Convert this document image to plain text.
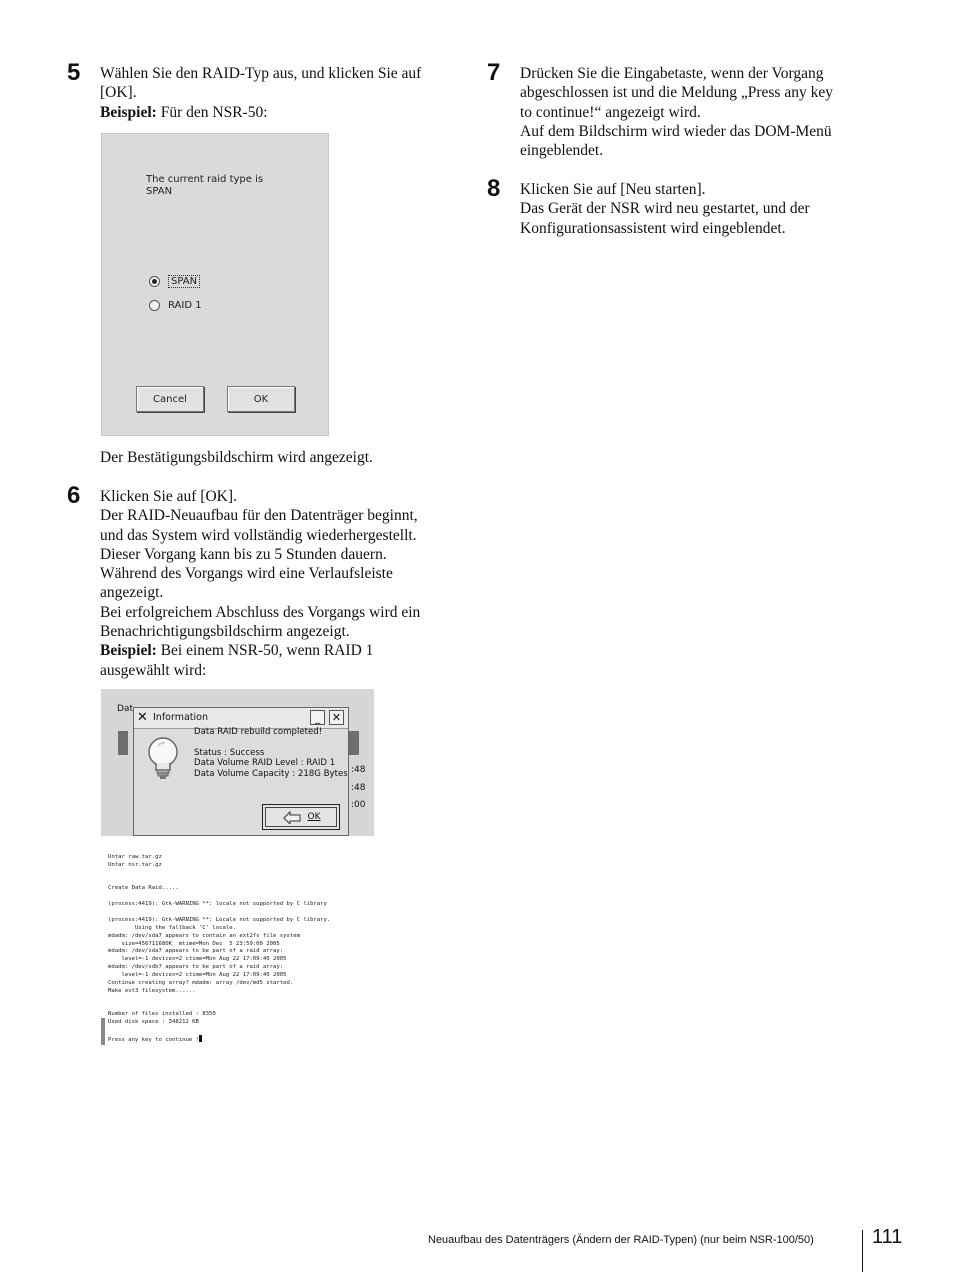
5 Wählen Sie den RAID-Typ aus, und klicken Sie auf
[OK].
Beispiel: Für den NSR-50:
The current raid type is
SPAN
SPAN
RAID 1
Cancel	OK
Der Bestätigungsbildschirm wird angezeigt.
6 Klicken Sie auf [OK].
Der RAID-Neuaufbau für den Datenträger beginnt,
und das System wird vollständig wiederhergestellt.
Dieser Vorgang kann bis zu 5 Stunden dauern.
Während des Vorgangs wird eine Verlaufsleiste
angezeigt.
Bei erfolgreichem Abschluss des Vorgangs wird ein
Benachrichtigungsbildschirm angezeigt.
Beispiel: Bei einem NSR-50, wenn RAID 1
ausgewählt wird:
Dat
:48
:48
:00
✕ Information	_	✕
Data RAID rebuild completed!
Status : Success
Data Volume RAID Level : RAID 1
Data Volume Capacity : 218G Bytes
OK
Untar raw.tar.gz
Untar nsr.tar.gz
Create Data Raid.....
(process:4419): Gtk-WARNING **: locale not supported by C library
(process:4419): Gtk-WARNING **: Locale not supported by C library.
Using the fallback 'C' locale.
mdadm: /dev/sda7 appears to contain an ext2fs file system
size=45671168OK  mtime=Mon Dec  5 23:59:00 2005
mdadm: /dev/sda7 appears to be part of a raid array:
level=-1 devices=2 ctime=Mon Aug 22 17:09:40 2005
mdadm: /dev/sdb7 appears to be part of a raid array:
level=-1 devices=2 ctime=Mon Aug 22 17:09:40 2005
Continue creating array? mdadm: array /dev/md5 started.
Make ext3 filesystem......
Number of files installed : 8350
Used disk space : 348212 KB
Press any key to continue !
7 Drücken Sie die Eingabetaste, wenn der Vorgang
abgeschlossen ist und die Meldung „Press any key
to continue!“ angezeigt wird.
Auf dem Bildschirm wird wieder das DOM-Menü
eingeblendet.
8 Klicken Sie auf [Neu starten].
Das Gerät der NSR wird neu gestartet, und der
Konfigurationsassistent wird eingeblendet.
Neuaufbau des Datenträgers (Ändern der RAID-Typen) (nur beim NSR-100/50)	111
